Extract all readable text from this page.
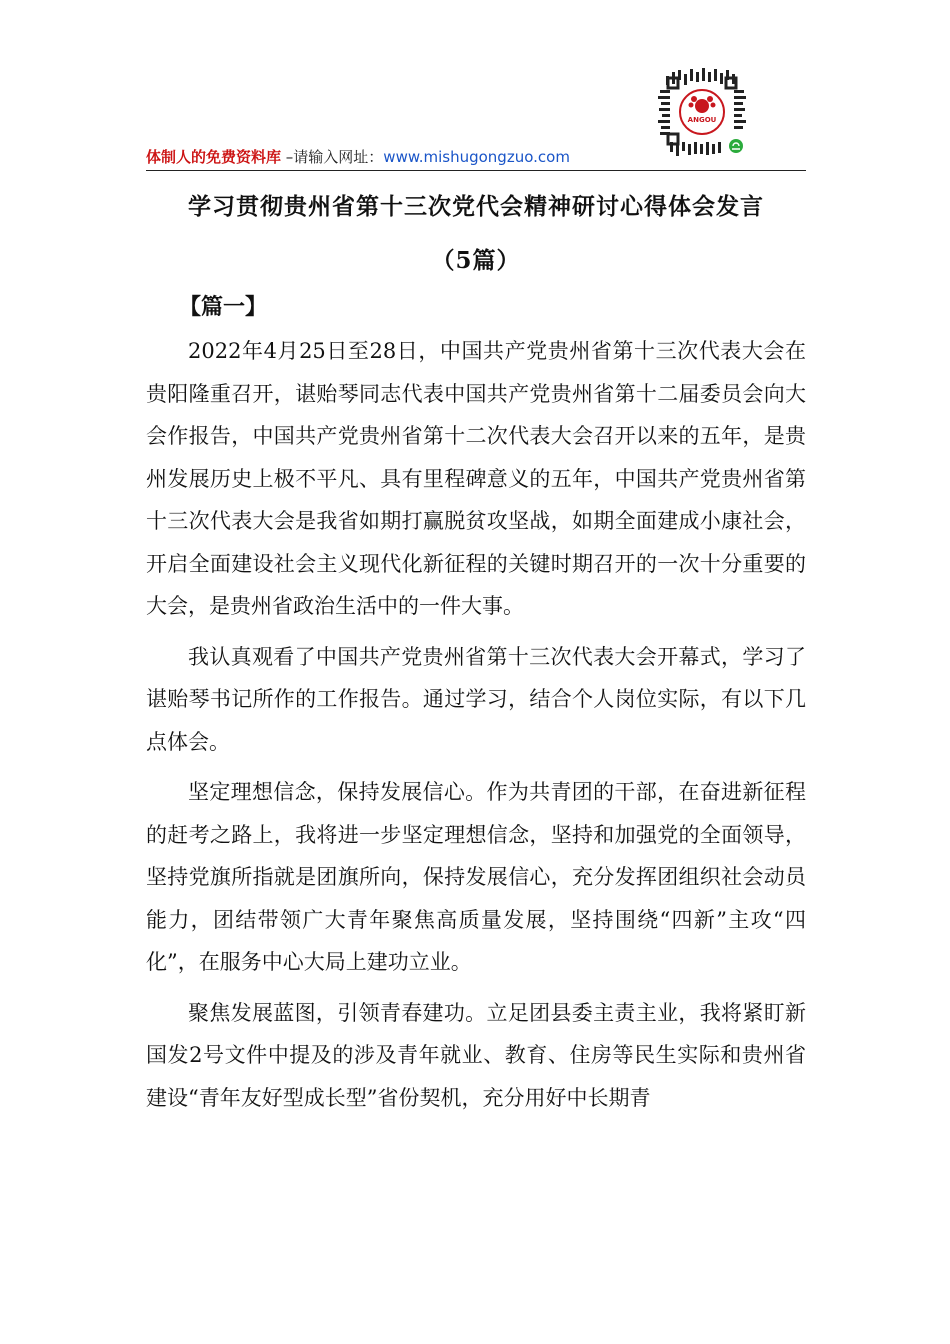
ANGOU
体制人的免费资料库 –请输入网址：www.mishugongzuo.com
学习贯彻贵州省第十三次党代会精神研讨心得体会发言
（5篇）
【篇一】

2022年4月25日至28日，中国共产党贵州省第十三次代表大会在贵阳隆重召开，谌贻琴同志代表中国共产党贵州省第十二届委员会向大会作报告，中国共产党贵州省第十二次代表大会召开以来的五年，是贵州发展历史上极不平凡、具有里程碑意义的五年，中国共产党贵州省第十三次代表大会是我省如期打赢脱贫攻坚战，如期全面建成小康社会，开启全面建设社会主义现代化新征程的关键时期召开的一次十分重要的大会，是贵州省政治生活中的一件大事。

我认真观看了中国共产党贵州省第十三次代表大会开幕式，学习了谌贻琴书记所作的工作报告。通过学习，结合个人岗位实际，有以下几点体会。

坚定理想信念，保持发展信心。作为共青团的干部，在奋进新征程的赶考之路上，我将进一步坚定理想信念，坚持和加强党的全面领导，坚持党旗所指就是团旗所向，保持发展信心，充分发挥团组织社会动员能力，团结带领广大青年聚焦高质量发展，坚持围绕“四新”主攻“四化”，在服务中心大局上建功立业。

聚焦发展蓝图，引领青春建功。立足团县委主责主业，我将紧盯新国发2号文件中提及的涉及青年就业、教育、住房等民生实际和贵州省建设“青年友好型成长型”省份契机，充分用好中长期青
